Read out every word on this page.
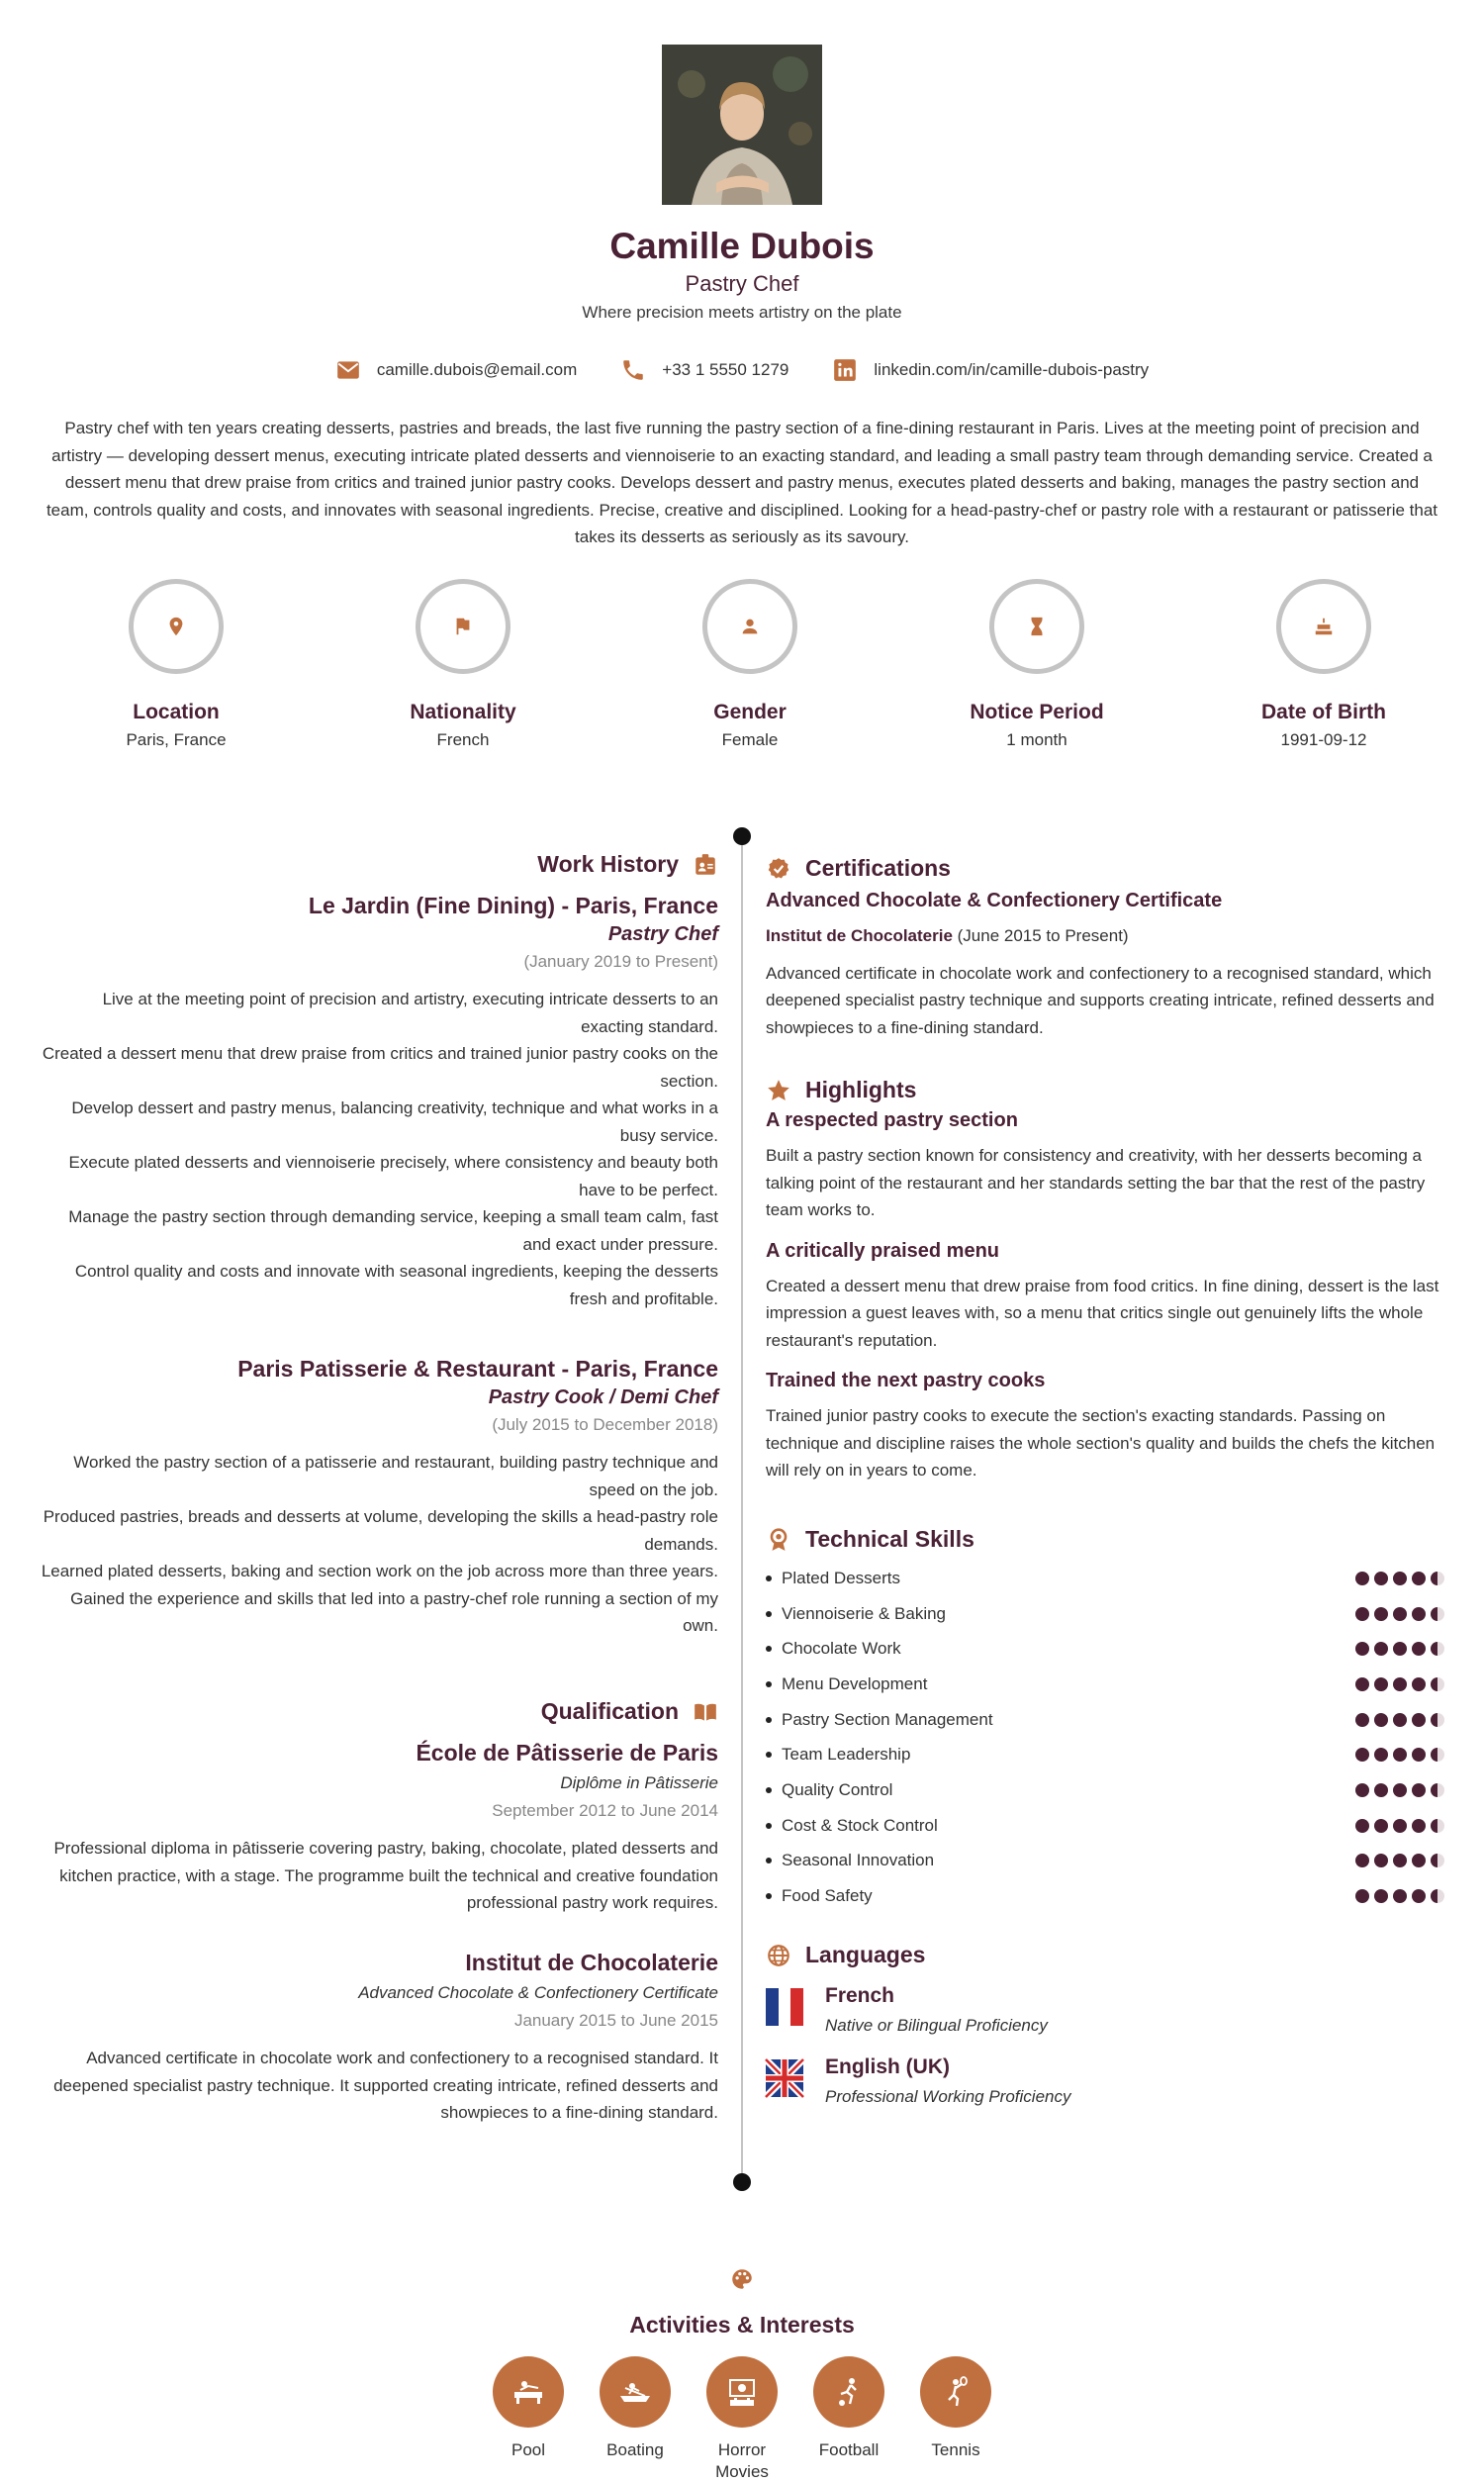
Camille Dubois
Pastry Chef
Where precision meets artistry on the plate
camille.dubois@email.com	+33 1 5550 1279	linkedin.com/in/camille-dubois-pastry

Pastry chef with ten years creating desserts, pastries and breads, the last five running the pastry section of a fine-dining restaurant in Paris. Lives at the meeting point of precision and artistry — developing dessert menus, executing intricate plated desserts and viennoiserie to an exacting standard, and leading a small pastry team through demanding service. Created a dessert menu that drew praise from critics and trained junior pastry cooks. Develops dessert and pastry menus, executes plated desserts and baking, manages the pastry section and team, controls quality and costs, and innovates with seasonal ingredients. Precise, creative and disciplined. Looking for a head-pastry-chef or pastry role with a restaurant or patisserie that takes its desserts as seriously as its savoury.

Location
Paris, France
Nationality
French
Gender
Female
Notice Period
1 month
Date of Birth
1991-09-12
Work History
Le Jardin (Fine Dining) - Paris, France
Pastry Chef
(January 2019 to Present)
Live at the meeting point of precision and artistry, executing intricate desserts to an exacting standard.
Created a dessert menu that drew praise from critics and trained junior pastry cooks on the section.
Develop dessert and pastry menus, balancing creativity, technique and what works in a busy service.
Execute plated desserts and viennoiserie precisely, where consistency and beauty both have to be perfect.
Manage the pastry section through demanding service, keeping a small team calm, fast and exact under pressure.
Control quality and costs and innovate with seasonal ingredients, keeping the desserts fresh and profitable.
Paris Patisserie & Restaurant - Paris, France
Pastry Cook / Demi Chef
(July 2015 to December 2018)
Worked the pastry section of a patisserie and restaurant, building pastry technique and speed on the job.
Produced pastries, breads and desserts at volume, developing the skills a head-pastry role demands.
Learned plated desserts, baking and section work on the job across more than three years.
Gained the experience and skills that led into a pastry-chef role running a section of my own.
Qualification
École de Pâtisserie de Paris
Diplôme in Pâtisserie
September 2012 to June 2014
Professional diploma in pâtisserie covering pastry, baking, chocolate, plated desserts and kitchen practice, with a stage. The programme built the technical and creative foundation professional pastry work requires.
Institut de Chocolaterie
Advanced Chocolate & Confectionery Certificate
January 2015 to June 2015
Advanced certificate in chocolate work and confectionery to a recognised standard. It deepened specialist pastry technique. It supported creating intricate, refined desserts and showpieces to a fine-dining standard.
Certifications
Advanced Chocolate & Confectionery Certificate
Institut de Chocolaterie (June 2015 to Present)
Advanced certificate in chocolate work and confectionery to a recognised standard, which deepened specialist pastry technique and supports creating intricate, refined desserts and showpieces to a fine-dining standard.
Highlights
A respected pastry section
Built a pastry section known for consistency and creativity, with her desserts becoming a talking point of the restaurant and her standards setting the bar that the rest of the pastry team works to.
A critically praised menu
Created a dessert menu that drew praise from food critics. In fine dining, dessert is the last impression a guest leaves with, so a menu that critics single out genuinely lifts the whole restaurant's reputation.
Trained the next pastry cooks
Trained junior pastry cooks to execute the section's exacting standards. Passing on technique and discipline raises the whole section's quality and builds the chefs the kitchen will rely on in years to come.
Technical Skills
Plated Desserts
Viennoiserie & Baking
Chocolate Work
Menu Development
Pastry Section Management
Team Leadership
Quality Control
Cost & Stock Control
Seasonal Innovation
Food Safety
Languages
French
Native or Bilingual Proficiency
English (UK)
Professional Working Proficiency
Activities & Interests
Pool	Boating	Horror Movies
Football	Tennis
